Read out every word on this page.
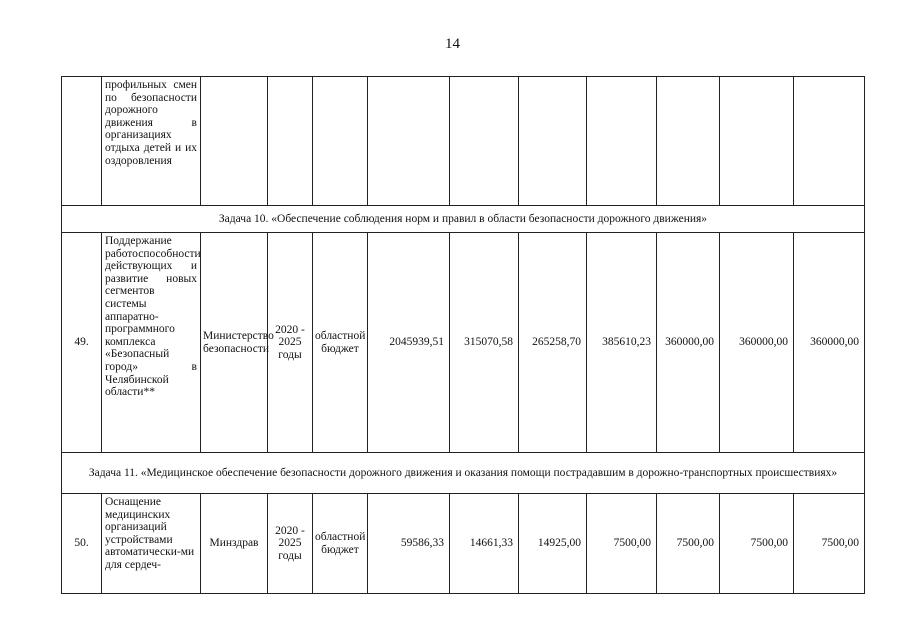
14
	профильных смен по безопасности дорожного движения в организациях отдыха детей и их оздоровления										
Задача 10. «Обеспечение соблюдения норм и правил в области безопасности дорожного движения»											
49.	Поддержание работоспособности действующих и развитие новых сегментов системы аппаратно-программного комплекса «Безопасный город» в Челябинской области**	Министерство безопасности	2020 - 2025 годы	областной бюджет	2045939,51	315070,58	265258,70	385610,23	360000,00	360000,00	360000,00
Задача 11. «Медицинское обеспечение безопасности дорожного движения и оказания помощи пострадавшим в дорожно-транспортных происшествиях»											
50.	Оснащение медицинских организаций устройствами автоматически-ми для сердеч-	Минздрав	2020 - 2025 годы	областной бюджет	59586,33	14661,33	14925,00	7500,00	7500,00	7500,00	7500,00
